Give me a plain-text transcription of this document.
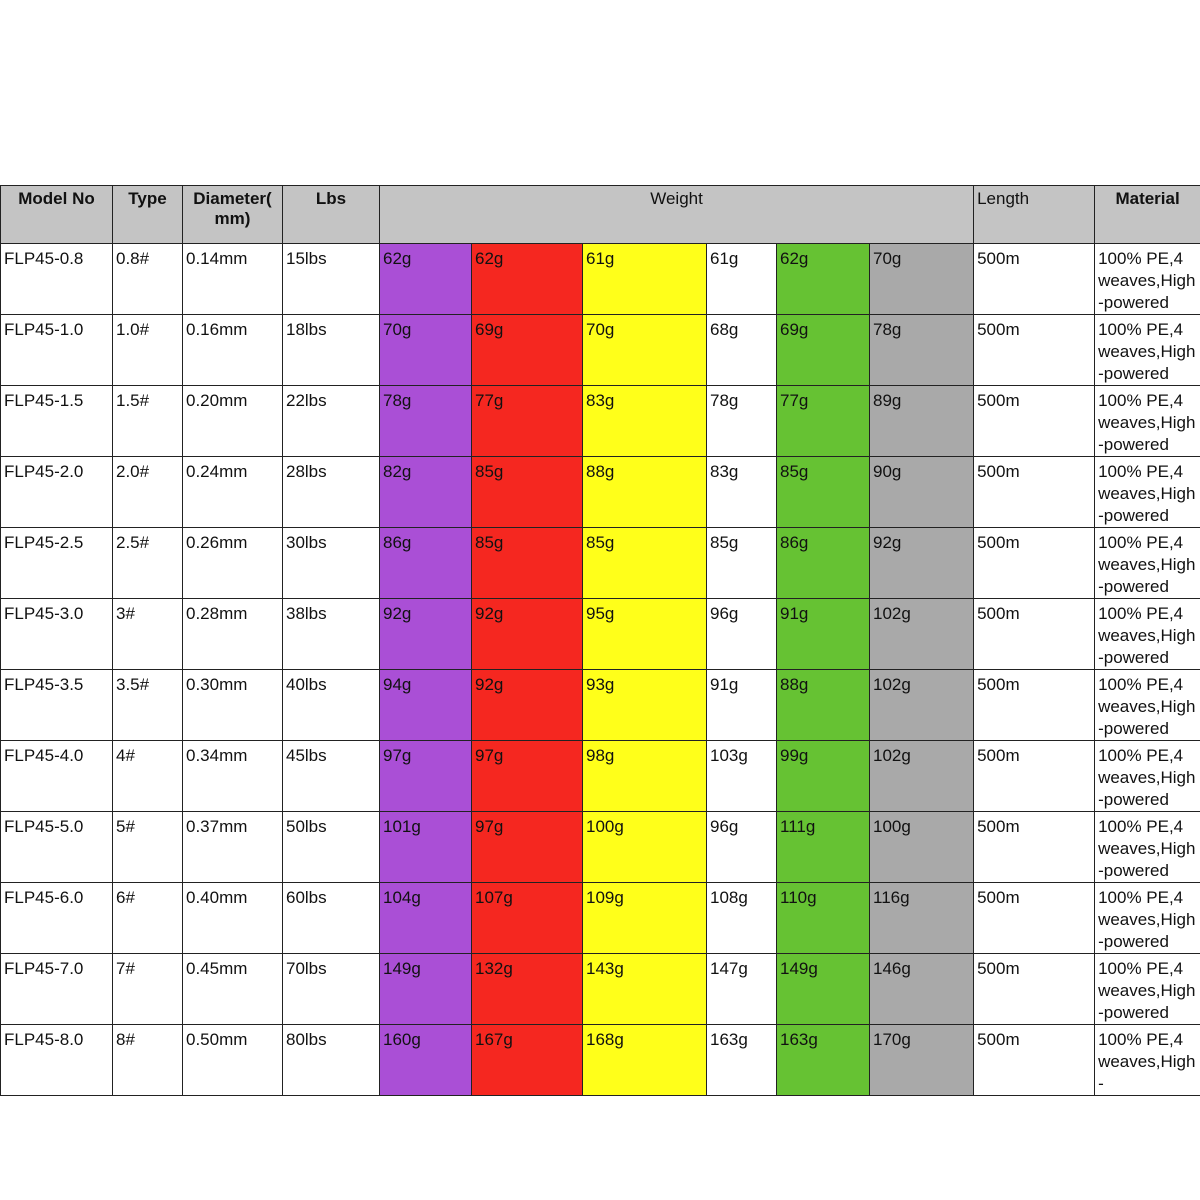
Model No	Type	Diameter( mm)	Lbs	Weight						Length	Material
FLP45-0.8	0.8#	0.14mm	15lbs	62g	62g	61g	61g	62g	70g	500m	100% PE,4 weaves,High-powered
FLP45-1.0	1.0#	0.16mm	18lbs	70g	69g	70g	68g	69g	78g	500m	100% PE,4 weaves,High-powered
FLP45-1.5	1.5#	0.20mm	22lbs	78g	77g	83g	78g	77g	89g	500m	100% PE,4 weaves,High-powered
FLP45-2.0	2.0#	0.24mm	28lbs	82g	85g	88g	83g	85g	90g	500m	100% PE,4 weaves,High-powered
FLP45-2.5	2.5#	0.26mm	30lbs	86g	85g	85g	85g	86g	92g	500m	100% PE,4 weaves,High-powered
FLP45-3.0	3#	0.28mm	38lbs	92g	92g	95g	96g	91g	102g	500m	100% PE,4 weaves,High-powered
FLP45-3.5	3.5#	0.30mm	40lbs	94g	92g	93g	91g	88g	102g	500m	100% PE,4 weaves,High-powered
FLP45-4.0	4#	0.34mm	45lbs	97g	97g	98g	103g	99g	102g	500m	100% PE,4 weaves,High-powered
FLP45-5.0	5#	0.37mm	50lbs	101g	97g	100g	96g	111g	100g	500m	100% PE,4 weaves,High-powered
FLP45-6.0	6#	0.40mm	60lbs	104g	107g	109g	108g	110g	116g	500m	100% PE,4 weaves,High-powered
FLP45-7.0	7#	0.45mm	70lbs	149g	132g	143g	147g	149g	146g	500m	100% PE,4 weaves,High-powered
FLP45-8.0	8#	0.50mm	80lbs	160g	167g	168g	163g	163g	170g	500m	100% PE,4 weaves,High-
